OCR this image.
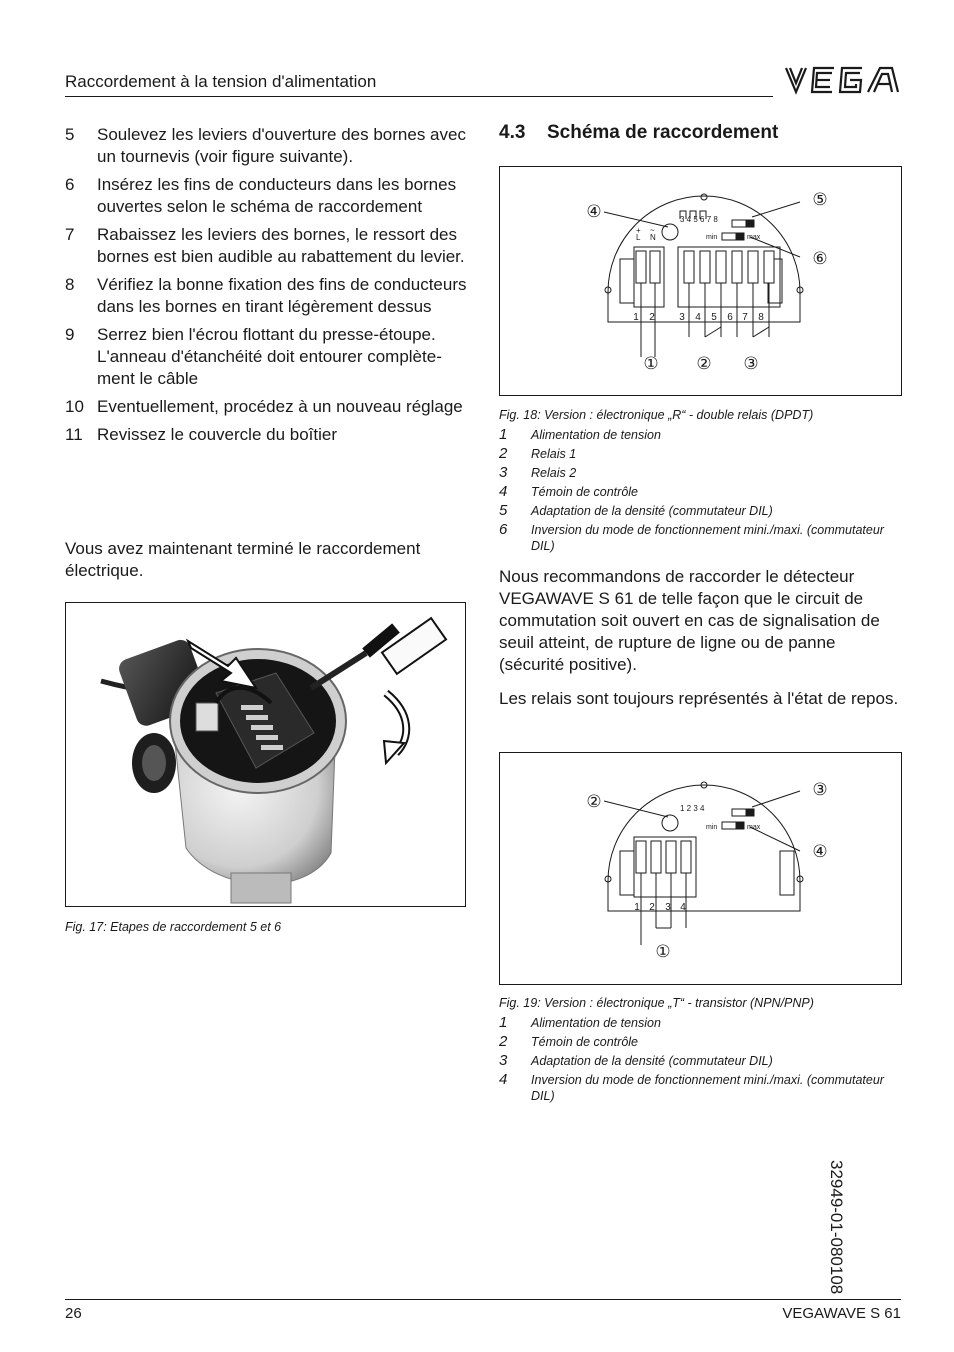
Raccordement à la tension d'alimentation
5	Soulevez les leviers d'ouverture des bornes avec un tournevis (voir figure suivante).
6	Insérez les fins de conducteurs dans les bornes ouvertes selon le schéma de raccordement
7	Rabaissez les leviers des bornes, le ressort des bornes est bien audible au rabattement du levier.
8	Vérifiez la bonne fixation des fins de conducteurs dans les bornes en tirant légèrement dessus
9	Serrez bien l'écrou flottant du presse-étoupe. L'anneau d'étanchéité doit entourer complètement le câble
10 Eventuellement, procédez à un nouveau réglage
11 Revissez le couvercle du boîtier
Vous avez maintenant terminé le raccordement électrique.
Fig. 17: Etapes de raccordement 5 et 6
4.3 Schéma de raccordement
3 4 5 6 7 8
+ ~
L N	min	max
1 2 3 4 5 6 7 8
④
⑤
⑥
① ② ③
Fig. 18: Version : électronique „R“ - double relais (DPDT)
1	Alimentation de tension
2	Relais 1
3	Relais 2
4	Témoin de contrôle
5	Adaptation de la densité (commutateur DIL)
6	Inversion du mode de fonctionnement mini./maxi. (commutateur DIL)
Nous recommandons de raccorder le détecteur VEGAWAVE S 61 de telle façon que le circuit de commutation soit ouvert en cas de signalisation de seuil atteint, de rupture de ligne ou de panne (sécurité positive).
Les relais sont toujours représentés à l'état de repos.
1 2 3 4
min	max
1 2 3 4
②
③
④
①
Fig. 19: Version : électronique „T“ - transistor (NPN/PNP)
1	Alimentation de tension
2	Témoin de contrôle
3	Adaptation de la densité (commutateur DIL)
4	Inversion du mode de fonctionnement mini./maxi. (commutateur DIL)
32949-01-080108
26	VEGAWAVE S 61
